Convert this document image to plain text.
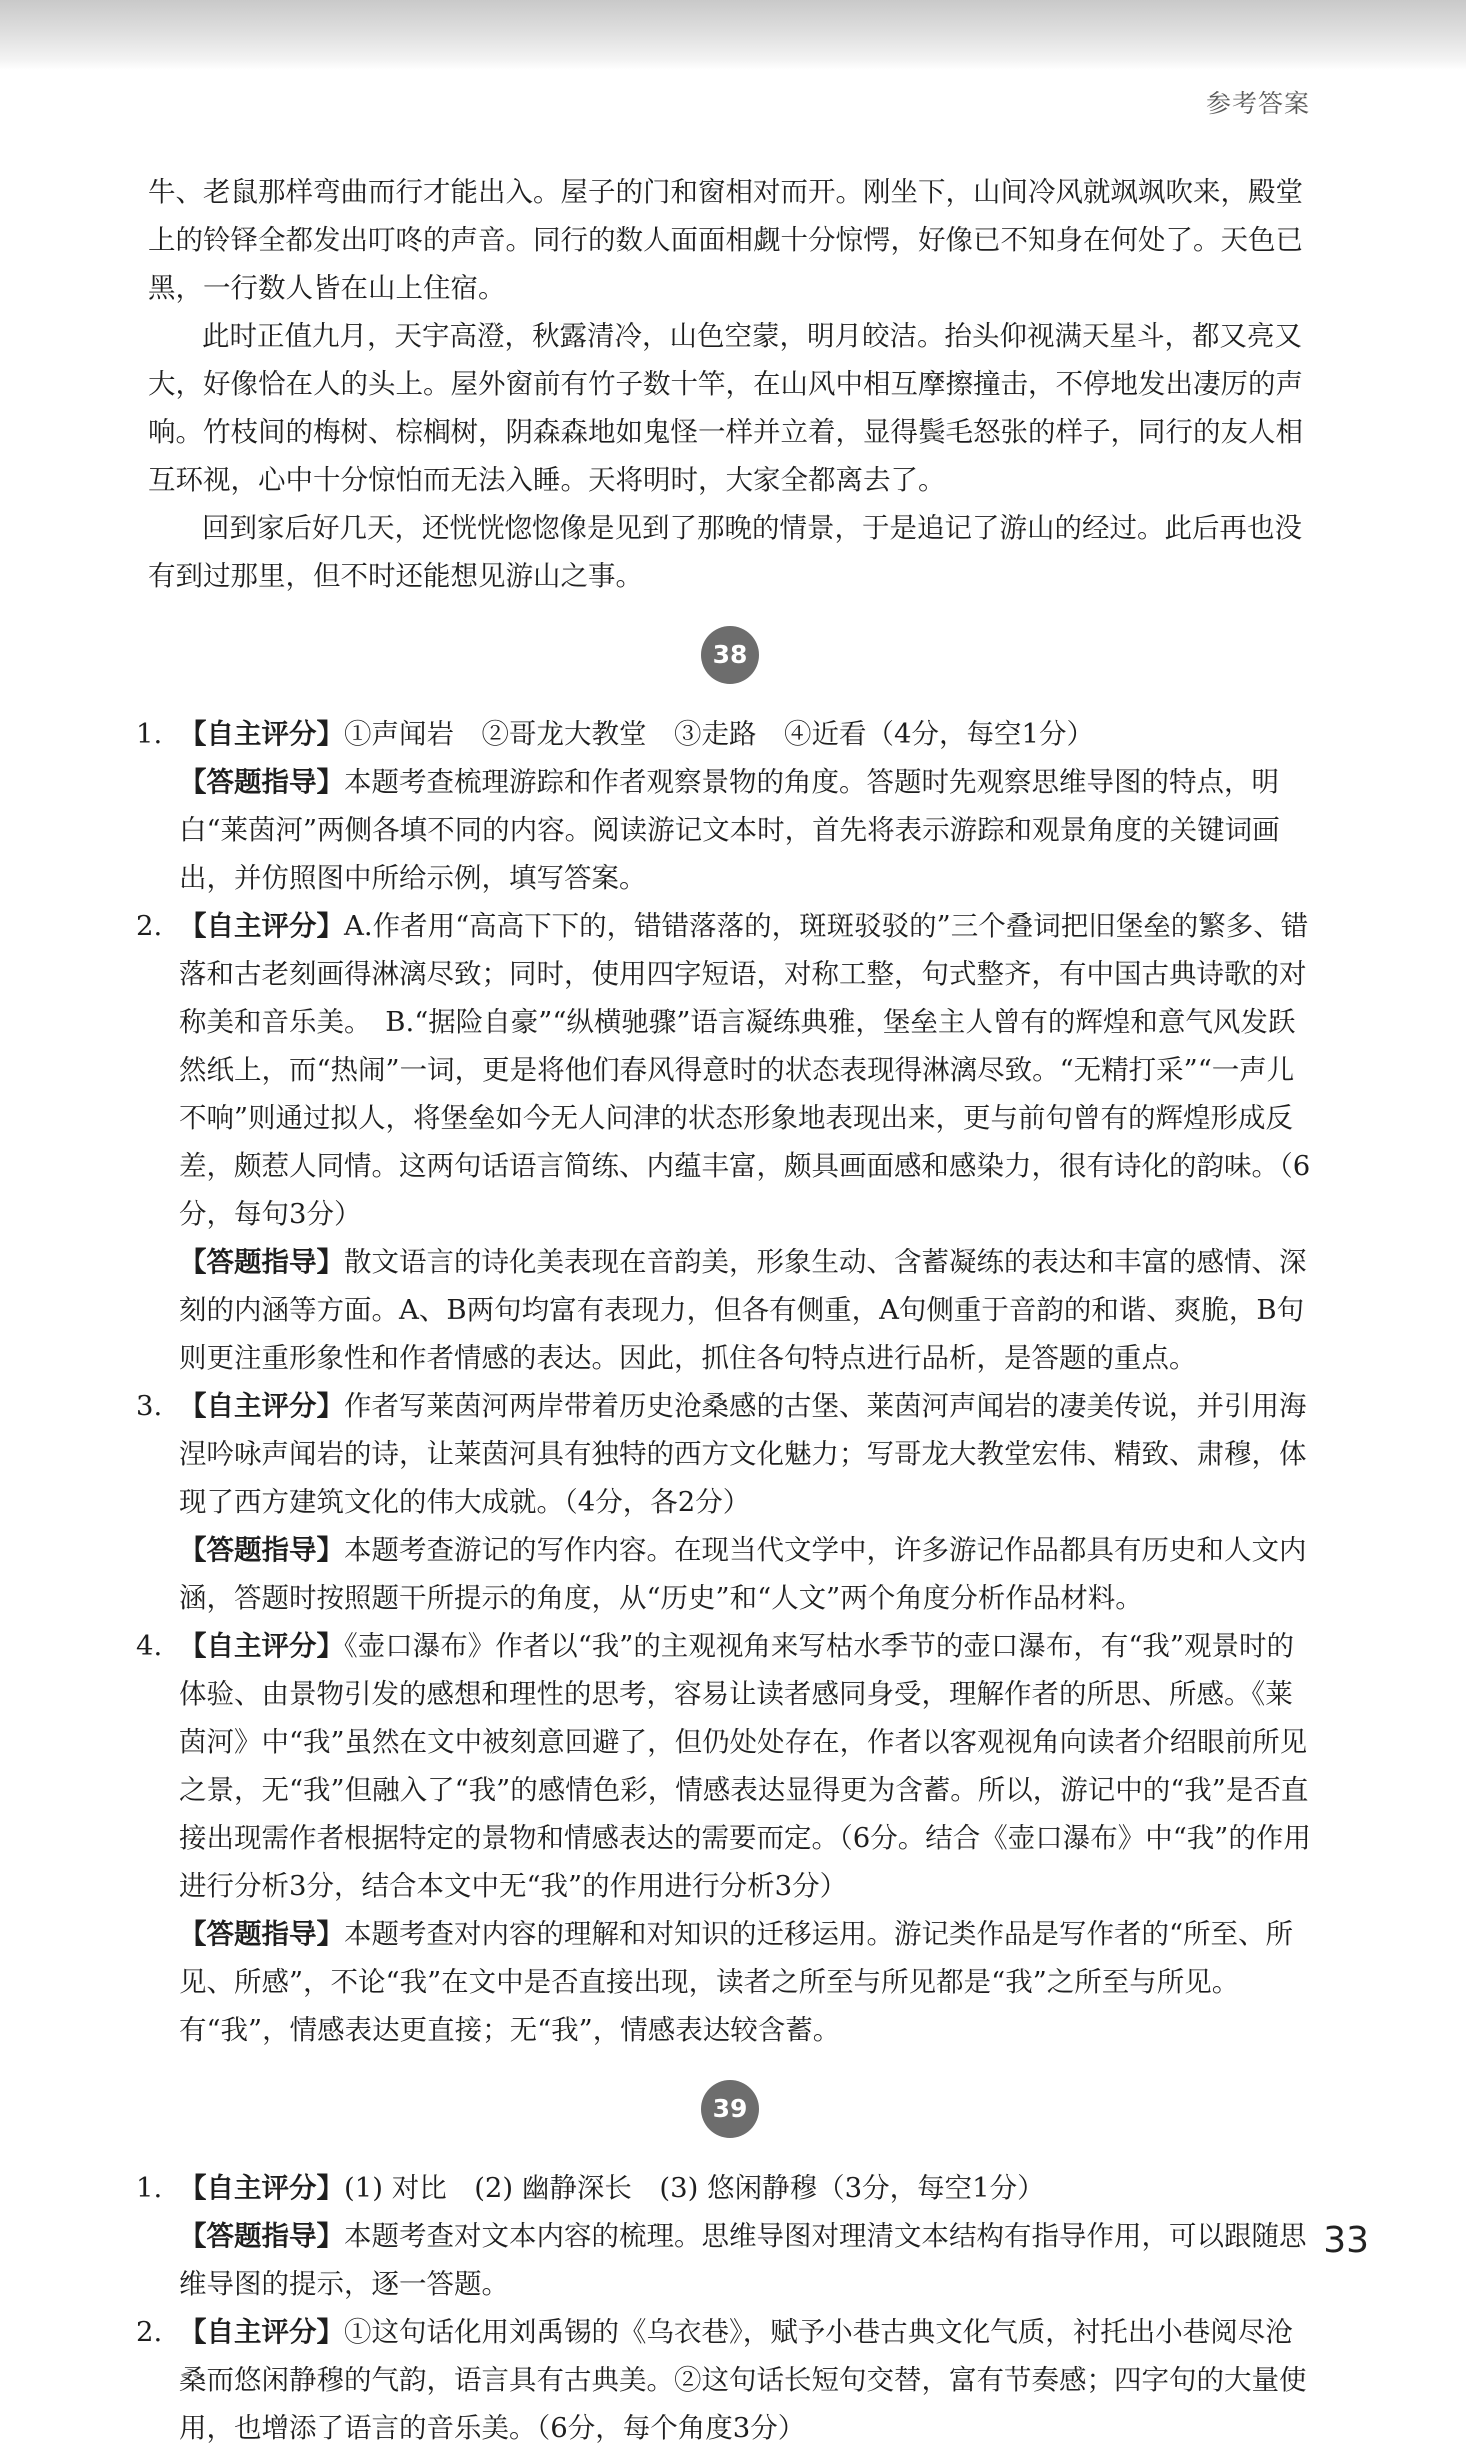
参考答案

牛、老鼠那样弯曲而行才能出入。屋子的门和窗相对而开。刚坐下，山间冷风就飒飒吹来，殿堂上的铃铎全都发出叮咚的声音。同行的数人面面相觑十分惊愕，好像已不知身在何处了。天色已黑，一行数人皆在山上住宿。

此时正值九月，天宇高澄，秋露清冷，山色空蒙，明月皎洁。抬头仰视满天星斗，都又亮又大，好像恰在人的头上。屋外窗前有竹子数十竿，在山风中相互摩擦撞击，不停地发出凄厉的声响。竹枝间的梅树、棕榈树，阴森森地如鬼怪一样并立着，显得鬓毛怒张的样子，同行的友人相互环视，心中十分惊怕而无法入睡。天将明时，大家全都离去了。

回到家后好几天，还恍恍惚惚像是见到了那晚的情景，于是追记了游山的经过。此后再也没有到过那里，但不时还能想见游山之事。

38
1. 【自主评分】①声闻岩　②哥龙大教堂　③走路　④近看（4分，每空1分）

【答题指导】本题考查梳理游踪和作者观察景物的角度。答题时先观察思维导图的特点，明白“莱茵河”两侧各填不同的内容。阅读游记文本时，首先将表示游踪和观景角度的关键词画出，并仿照图中所给示例，填写答案。

2. 【自主评分】A.作者用“高高下下的，错错落落的，斑斑驳驳的”三个叠词把旧堡垒的繁多、错落和古老刻画得淋漓尽致；同时，使用四字短语，对称工整，句式整齐，有中国古典诗歌的对称美和音乐美。　B.“据险自豪”“纵横驰骤”语言凝练典雅，堡垒主人曾有的辉煌和意气风发跃然纸上，而“热闹”一词，更是将他们春风得意时的状态表现得淋漓尽致。“无精打采”“一声儿不响”则通过拟人，将堡垒如今无人问津的状态形象地表现出来，更与前句曾有的辉煌形成反差，颇惹人同情。这两句话语言简练、内蕴丰富，颇具画面感和感染力，很有诗化的韵味。（6分，每句3分）

【答题指导】散文语言的诗化美表现在音韵美，形象生动、含蓄凝练的表达和丰富的感情、深刻的内涵等方面。A、B两句均富有表现力，但各有侧重，A句侧重于音韵的和谐、爽脆，B句则更注重形象性和作者情感的表达。因此，抓住各句特点进行品析，是答题的重点。

3. 【自主评分】作者写莱茵河两岸带着历史沧桑感的古堡、莱茵河声闻岩的凄美传说，并引用海涅吟咏声闻岩的诗，让莱茵河具有独特的西方文化魅力；写哥龙大教堂宏伟、精致、肃穆，体现了西方建筑文化的伟大成就。（4分，各2分）

【答题指导】本题考查游记的写作内容。在现当代文学中，许多游记作品都具有历史和人文内涵，答题时按照题干所提示的角度，从“历史”和“人文”两个角度分析作品材料。

4. 【自主评分】《壶口瀑布》作者以“我”的主观视角来写枯水季节的壶口瀑布，有“我”观景时的体验、由景物引发的感想和理性的思考，容易让读者感同身受，理解作者的所思、所感。《莱茵河》中“我”虽然在文中被刻意回避了，但仍处处存在，作者以客观视角向读者介绍眼前所见之景，无“我”但融入了“我”的感情色彩，情感表达显得更为含蓄。所以，游记中的“我”是否直接出现需作者根据特定的景物和情感表达的需要而定。（6分。结合《壶口瀑布》中“我”的作用进行分析3分，结合本文中无“我”的作用进行分析3分）

【答题指导】本题考查对内容的理解和对知识的迁移运用。游记类作品是写作者的“所至、所见、所感”，不论“我”在文中是否直接出现，读者之所至与所见都是“我”之所至与所见。有“我”，情感表达更直接；无“我”，情感表达较含蓄。

39
1. 【自主评分】(1) 对比　(2) 幽静深长　(3) 悠闲静穆（3分，每空1分）

【答题指导】本题考查对文本内容的梳理。思维导图对理清文本结构有指导作用，可以跟随思维导图的提示，逐一答题。

2. 【自主评分】①这句话化用刘禹锡的《乌衣巷》，赋予小巷古典文化气质，衬托出小巷阅尽沧桑而悠闲静穆的气韵，语言具有古典美。②这句话长短句交替，富有节奏感；四字句的大量使用，也增添了语言的音乐美。（6分，每个角度3分）

33
